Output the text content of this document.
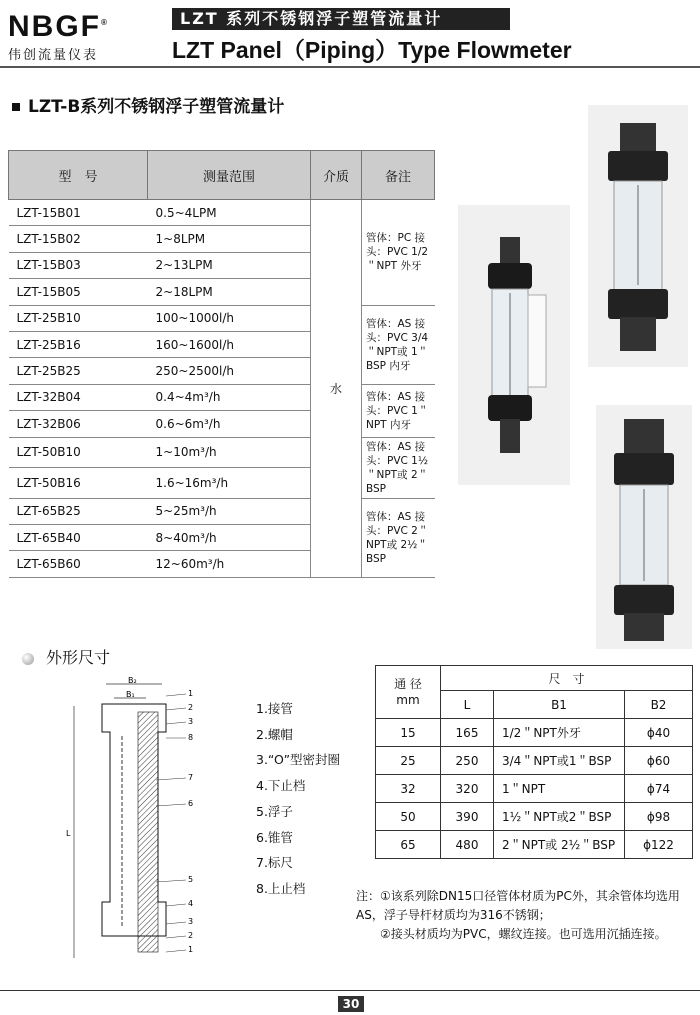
NBGF®
伟创流量仪表
LZT 系列不锈钢浮子塑管流量计
LZT Panel（Piping）Type Flowmeter
LZT-B系列不锈钢浮子塑管流量计
型　号	测量范围	介质	备注
LZT-15B01	0.5~4LPM	水	管体：PC 接头：PVC 1/2＂NPT 外牙
LZT-15B02	1~8LPM		
LZT-15B03	2~13LPM		
LZT-15B05	2~18LPM		
LZT-25B10	100~1000l/h		管体：AS 接头：PVC 3/4＂NPT或 1＂BSP 内牙
LZT-25B16	160~1600l/h		
LZT-25B25	250~2500l/h		
LZT-32B04	0.4~4m³/h		管体：AS 接头：PVC 1＂NPT 内牙
LZT-32B06	0.6~6m³/h		
LZT-50B10	1~10m³/h		管体：AS 接头：PVC 1½＂NPT或 2＂BSP
LZT-50B16	1.6~16m³/h		
LZT-65B25	5~25m³/h		管体：AS 接头：PVC 2＂NPT或 2½＂BSP
LZT-65B40	8~40m³/h		
LZT-65B60	12~60m³/h		
外形尺寸
B₂
B₁
L
1
2
3
8
7
6
5
4
3
2
1
1.接管
2.螺帽
3.“O”型密封圈
4.下止档
5.浮子
6.锥管
7.标尺
8.上止档
通 径
mm	尺　寸		
	L	B1	B2
15	165	1/2＂NPT外牙	ϕ40
25	250	3/4＂NPT或1＂BSP	ϕ60
32	320	1＂NPT	ϕ74
50	390	1½＂NPT或2＂BSP	ϕ98
65	480	2＂NPT或 2½＂BSP	ϕ122
注：①该系列除DN15口径管体材质为PC外，其余管体均选用AS，浮子导杆材质均为316不锈钢；
②接头材质均为PVC，螺纹连接。也可选用沉插连接。
30
